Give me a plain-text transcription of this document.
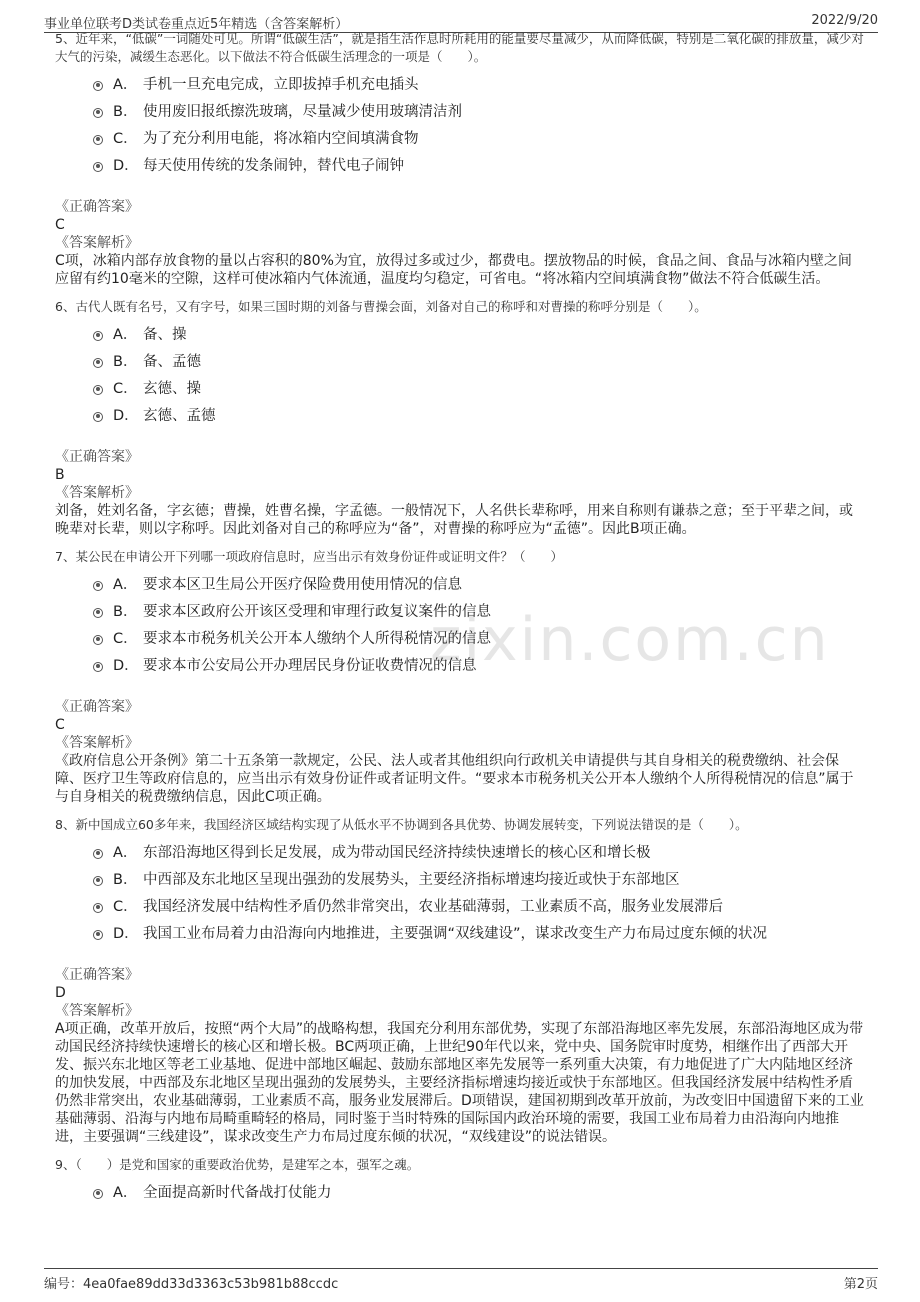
事业单位联考D类试卷重点近5年精选（含答案解析）	2022/9/20
zixin.com.cn
5、近年来，“低碳”一词随处可见。所谓“低碳生活”，就是指生活作息时所耗用的能量要尽量减少，从而降低碳，特别是二氧化碳的排放量，减少对大气的污染，减缓生态恶化。以下做法不符合低碳生活理念的一项是（　　）。
A． 手机一旦充电完成，立即拔掉手机充电插头
B． 使用废旧报纸擦洗玻璃，尽量减少使用玻璃清洁剂
C． 为了充分利用电能，将冰箱内空间填满食物
D． 每天使用传统的发条闹钟，替代电子闹钟
《正确答案》
C
《答案解析》
C项，冰箱内部存放食物的量以占容积的80%为宜，放得过多或过少，都费电。摆放物品的时候，食品之间、食品与冰箱内壁之间应留有约10毫米的空隙，这样可使冰箱内气体流通，温度均匀稳定，可省电。“将冰箱内空间填满食物”做法不符合低碳生活。
6、古代人既有名号，又有字号，如果三国时期的刘备与曹操会面，刘备对自己的称呼和对曹操的称呼分别是（　　）。
A． 备、操
B． 备、孟德
C． 玄德、操
D． 玄德、孟德
《正确答案》
B
《答案解析》
刘备，姓刘名备，字玄德；曹操，姓曹名操，字孟德。一般情况下，人名供长辈称呼，用来自称则有谦恭之意；至于平辈之间，或晚辈对长辈，则以字称呼。因此刘备对自己的称呼应为“备”，对曹操的称呼应为“孟德”。因此B项正确。
7、某公民在申请公开下列哪一项政府信息时，应当出示有效身份证件或证明文件？（　　）
A． 要求本区卫生局公开医疗保险费用使用情况的信息
B． 要求本区政府公开该区受理和审理行政复议案件的信息
C． 要求本市税务机关公开本人缴纳个人所得税情况的信息
D． 要求本市公安局公开办理居民身份证收费情况的信息
《正确答案》
C
《答案解析》
《政府信息公开条例》第二十五条第一款规定，公民、法人或者其他组织向行政机关申请提供与其自身相关的税费缴纳、社会保障、医疗卫生等政府信息的，应当出示有效身份证件或者证明文件。“要求本市税务机关公开本人缴纳个人所得税情况的信息”属于与自身相关的税费缴纳信息，因此C项正确。
8、新中国成立60多年来，我国经济区域结构实现了从低水平不协调到各具优势、协调发展转变，下列说法错误的是（　　）。
A． 东部沿海地区得到长足发展，成为带动国民经济持续快速增长的核心区和增长极
B． 中西部及东北地区呈现出强劲的发展势头，主要经济指标增速均接近或快于东部地区
C． 我国经济发展中结构性矛盾仍然非常突出，农业基础薄弱，工业素质不高，服务业发展滞后
D． 我国工业布局着力由沿海向内地推进，主要强调“双线建设”，谋求改变生产力布局过度东倾的状况
《正确答案》
D
《答案解析》
A项正确，改革开放后，按照“两个大局”的战略构想，我国充分利用东部优势，实现了东部沿海地区率先发展，东部沿海地区成为带动国民经济持续快速增长的核心区和增长极。BC两项正确，上世纪90年代以来，党中央、国务院审时度势，相继作出了西部大开发、振兴东北地区等老工业基地、促进中部地区崛起、鼓励东部地区率先发展等一系列重大决策，有力地促进了广大内陆地区经济的加快发展，中西部及东北地区呈现出强劲的发展势头，主要经济指标增速均接近或快于东部地区。但我国经济发展中结构性矛盾仍然非常突出，农业基础薄弱，工业素质不高，服务业发展滞后。D项错误，建国初期到改革开放前，为改变旧中国遗留下来的工业基础薄弱、沿海与内地布局畸重畸轻的格局，同时鉴于当时特殊的国际国内政治环境的需要，我国工业布局着力由沿海向内地推进，主要强调“三线建设”，谋求改变生产力布局过度东倾的状况，“双线建设”的说法错误。
9、（　　）是党和国家的重要政治优势，是建军之本，强军之魂。
A． 全面提高新时代备战打仗能力
编号：4ea0fae89dd33d3363c53b981b88ccdc	第2页
